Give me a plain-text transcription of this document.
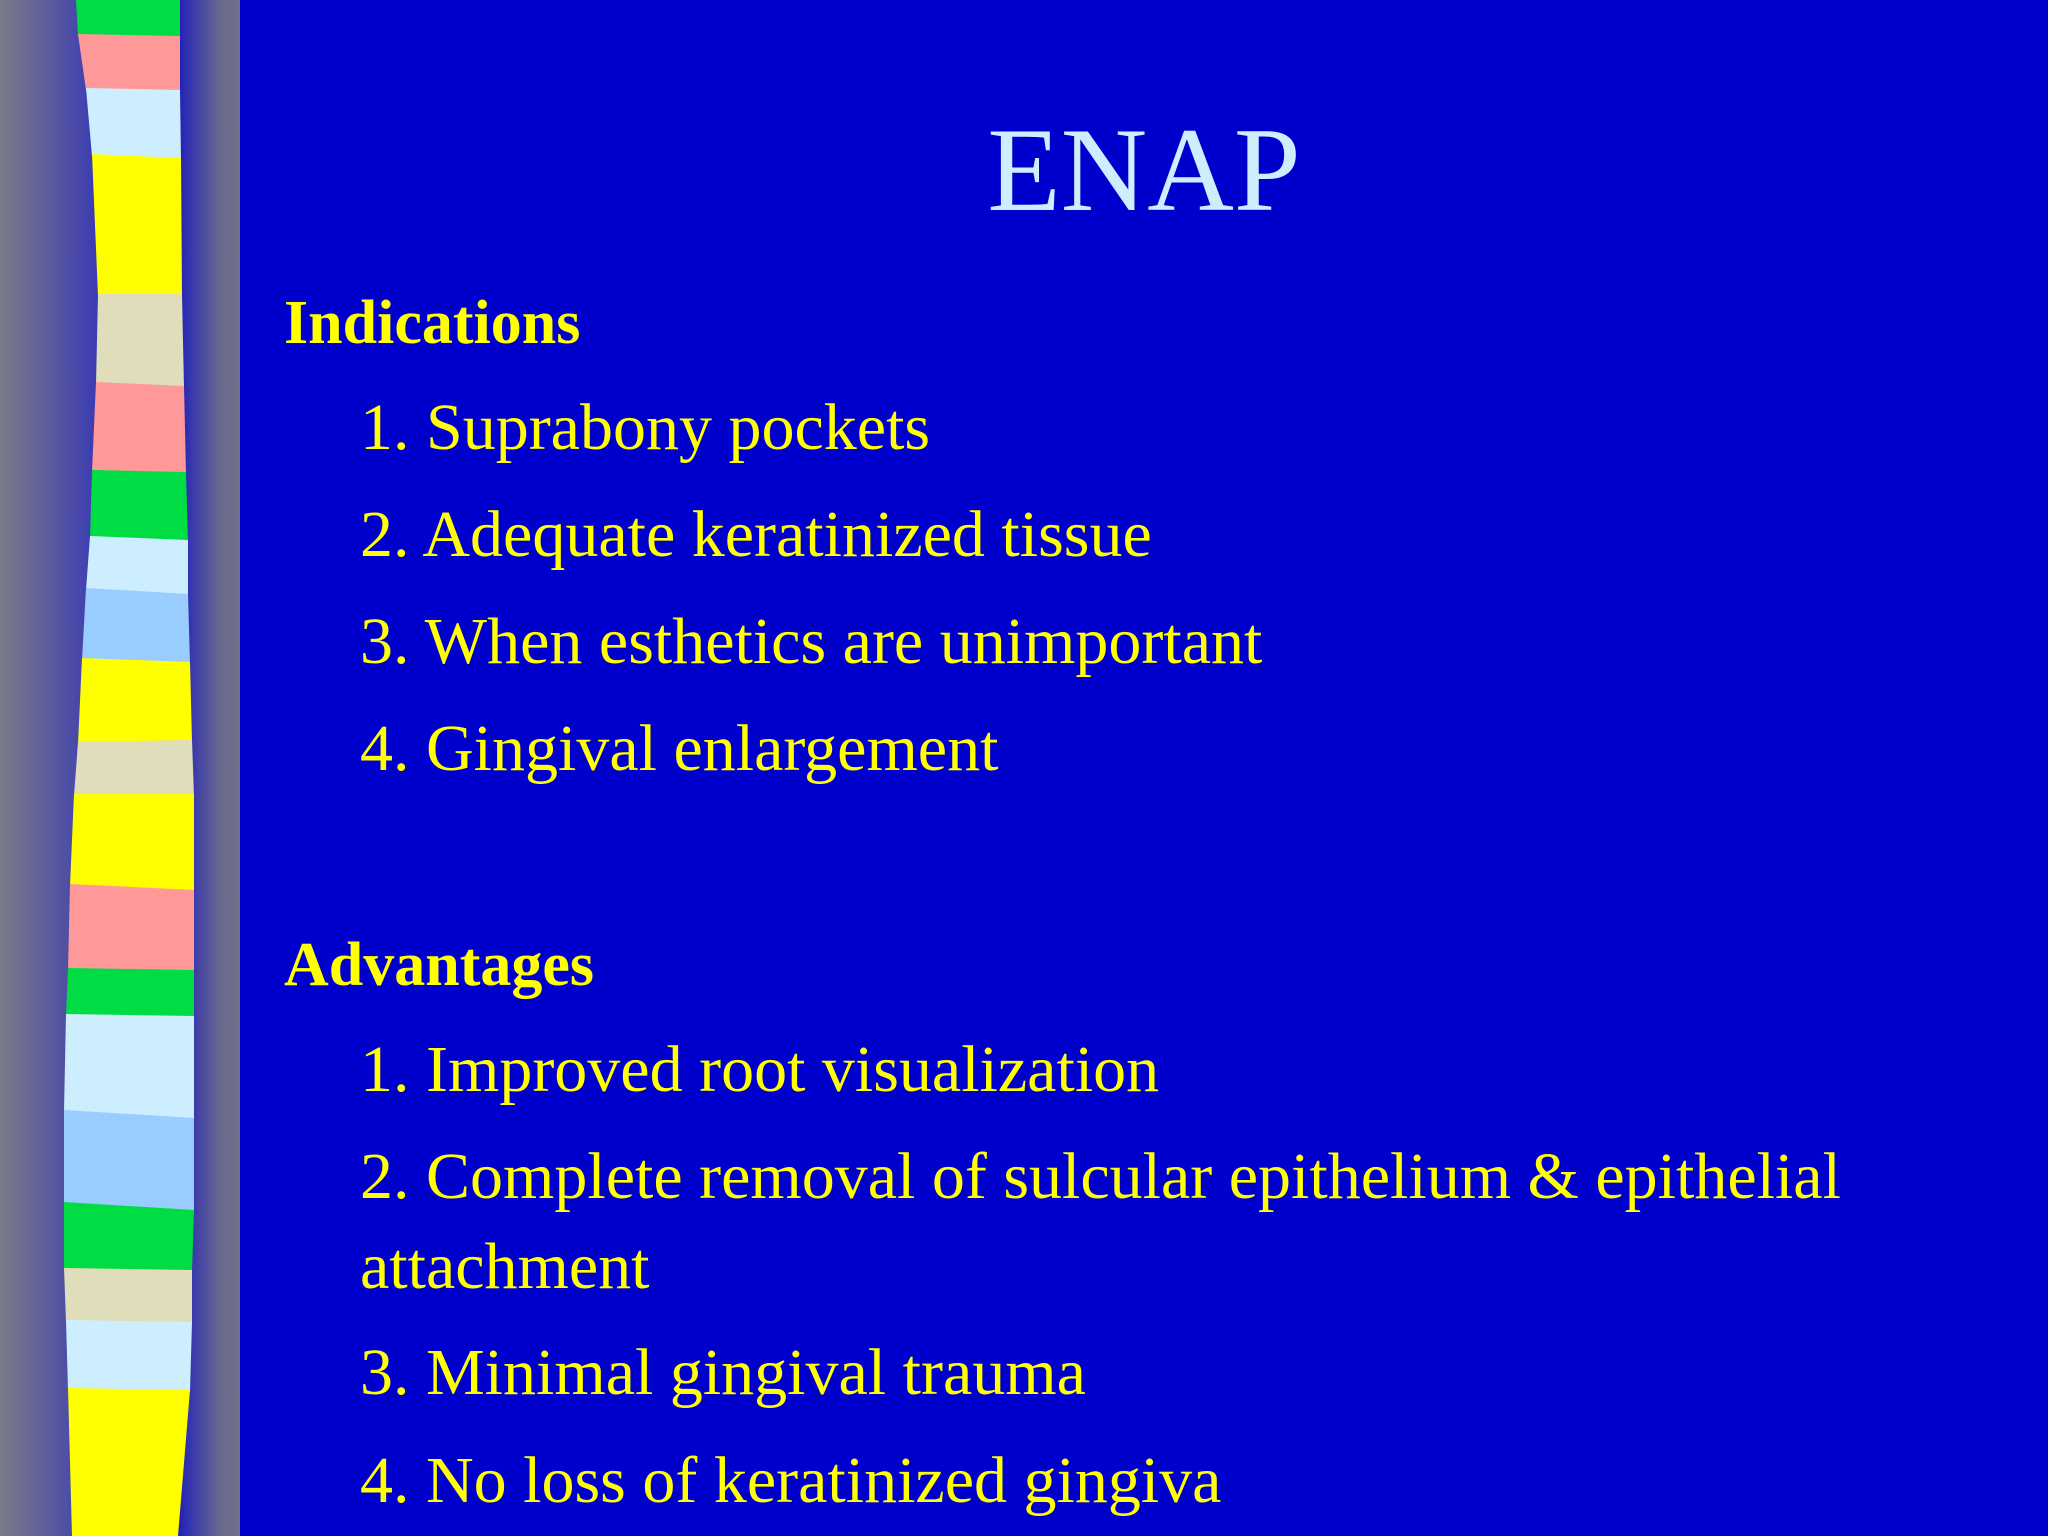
ENAP
Indications
1. Suprabony pockets
2. Adequate keratinized tissue
3. When esthetics are unimportant
4. Gingival enlargement
Advantages
1. Improved root visualization
2. Complete removal of sulcular epithelium & epithelial attachment
3. Minimal gingival trauma
4. No loss of keratinized gingiva
